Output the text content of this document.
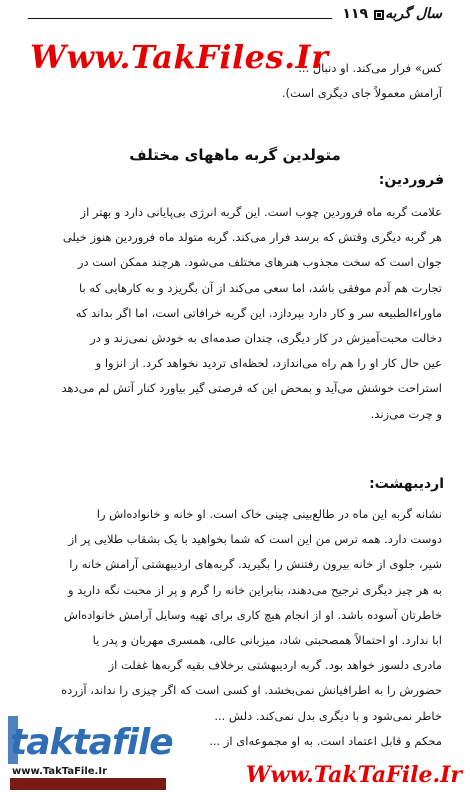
سال گربه
۱۱۹
Www.TakFiles.Ir
کس» فرار می‌کند. او دنبال ...
آرامش معمولاً جای دیگری است).
متولدین گربه ماههای مختلف
فروردین:
علامت گربه ماه فروردین چوب است. این گربه انرژی بی‌پایانی دارد و بهتر از
هر گربه دیگری وقتش که برسد فرار می‌کند. گربه متولد ماه فروردین هنوز خیلی
جوان است که سخت مجذوب هنرهای مختلف می‌شود. هرچند ممکن است در
تجارت هم آدم موفقی باشد، اما سعی می‌کند از آن بگریزد و به کارهایی که با
ماوراءالطبیعه سر و کار دارد بپردازد. این گربه خرافاتی است، اما اگر بداند که
دخالت محبت‌آمیزش در کار دیگری، چندان صدمه‌ای به خودش نمی‌زند و در
عین حال کار او را هم راه می‌اندازد، لحظه‌ای تردید نخواهد کرد. از انزوا و
استراحت خوشش می‌آید و بمحض این که فرصتی گیر بیاورد کنار آتش لم می‌دهد
و چرت می‌زند.
اردیبهشت:
نشانه گربه این ماه در طالع‌بینی چینی خاک است. او خانه و خانواده‌اش را
دوست دارد. همه ترس من این است که شما بخواهید با یک بشقاب طلایی پر از
شیر، جلوی از خانه بیرون رفتنش را بگیرید. گربه‌های اردیبهشتی آرامش خانه را
به هر چیز دیگری ترجیح می‌دهند، بنابراین خانه را گرم و پر از محبت نگه دارید و
خاطرتان آسوده باشد. او از انجام هیچ کاری برای تهیه وسایل آرامش خانواده‌اش
ابا ندارد. او احتمالاً همصحبتی شاد، میزبانی عالی، همسری مهربان و پدر یا
مادری دلسوز خواهد بود. گربه اردیبهشتی برخلاف بقیه گربه‌ها غفلت از
حضورش را به اطرافیانش نمی‌بخشد. او کسی است که اگر چیزی را نداند، آزرده
خاطر نمی‌شود و با دیگری بدل نمی‌کند. دلش ...
محکم و قابل اعتماد است. به او مجموعه‌ای از ...
taktafile
www.TakTaFile.Ir	Www.TakTaFile.Ir
